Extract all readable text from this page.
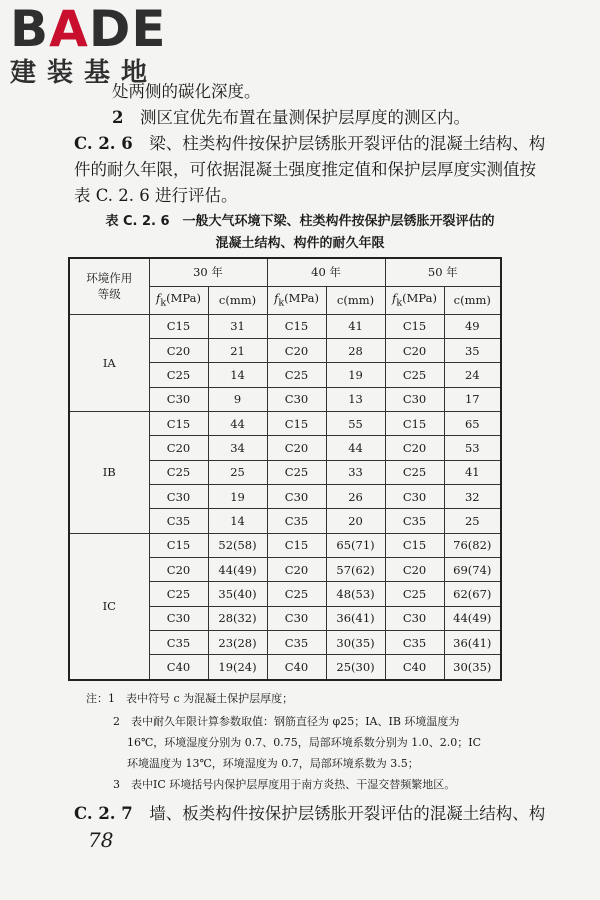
BADE
建装基地
处两侧的碳化深度。
2  测区宜优先布置在量测保护层厚度的测区内。
C. 2. 6  梁、柱类构件按保护层锈胀开裂评估的混凝土结构、构
件的耐久年限，可依据混凝土强度推定值和保护层厚度实测值按
表 C. 2. 6 进行评估。
表 C. 2. 6　一般大气环境下梁、柱类构件按保护层锈胀开裂评估的
混凝土结构、构件的耐久年限
环境作用
等级	30 年		40 年		50 年	
	$f_k(MPa)$	c(mm)	$f_k(MPa)$	c(mm)	$f_k(MPa)$	c(mm)
ⅠA	C15	31	C15	41	C15	49
	C20	21	C20	28	C20	35
	C25	14	C25	19	C25	24
	C30	9	C30	13	C30	17
ⅠB	C15	44	C15	55	C15	65
	C20	34	C20	44	C20	53
	C25	25	C25	33	C25	41
	C30	19	C30	26	C30	32
	C35	14	C35	20	C35	25
ⅠC	C15	52(58)	C15	65(71)	C15	76(82)
	C20	44(49)	C20	57(62)	C20	69(74)
	C25	35(40)	C25	48(53)	C25	62(67)
	C30	28(32)	C30	36(41)	C30	44(49)
	C35	23(28)	C35	30(35)	C35	36(41)
	C40	19(24)	C40	25(30)	C40	30(35)
注：1　表中符号 c 为混凝土保护层厚度；
2　表中耐久年限计算参数取值：钢筋直径为 φ25；ⅠA、ⅠB 环境温度为
16℃，环境湿度分别为 0.7、0.75，局部环境系数分别为 1.0、2.0；ⅠC
环境温度为 13℃，环境湿度为 0.7，局部环境系数为 3.5；
3　表中ⅠC 环境括号内保护层厚度用于南方炎热、干湿交替频繁地区。
C. 2. 7  墙、板类构件按保护层锈胀开裂评估的混凝土结构、构
78
